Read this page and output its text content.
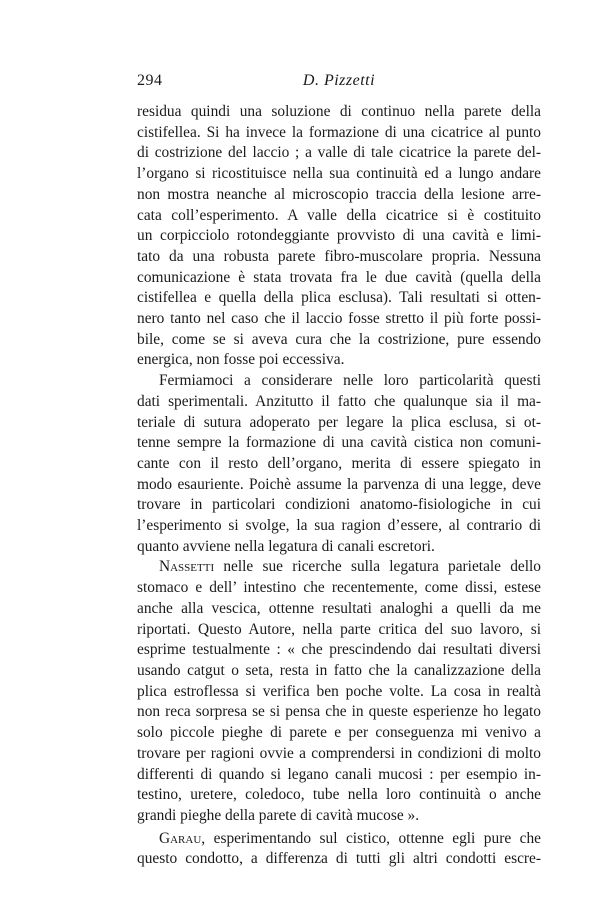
294	D. Pizzetti
residua quindi una soluzione di continuo nella parete della
cistifellea. Si ha invece la formazione di una cicatrice al punto
di costrizione del laccio ; a valle di tale cicatrice la parete del-
l’organo si ricostituisce nella sua continuità ed a lungo andare
non mostra neanche al microscopio traccia della lesione arre-
cata coll’esperimento. A valle della cicatrice si è costituito
un corpicciolo rotondeggiante provvisto di una cavità e limi-
tato da una robusta parete fibro-muscolare propria. Nessuna
comunicazione è stata trovata fra le due cavità (quella della
cistifellea e quella della plica esclusa). Tali resultati si otten-
nero tanto nel caso che il laccio fosse stretto il più forte possi-
bile, come se si aveva cura che la costrizione, pure essendo
energica, non fosse poi eccessiva.
Fermiamoci a considerare nelle loro particolarità questi
dati sperimentali. Anzitutto il fatto che qualunque sia il ma-
teriale di sutura adoperato per legare la plica esclusa, si ot-
tenne sempre la formazione di una cavità cistica non comuni-
cante con il resto dell’organo, merita di essere spiegato in
modo esauriente. Poichè assume la parvenza di una legge, deve
trovare in particolari condizioni anatomo-fisiologiche in cui
l’esperimento si svolge, la sua ragion d’essere, al contrario di
quanto avviene nella legatura di canali escretori.
Nassetti nelle sue ricerche sulla legatura parietale dello
stomaco e dell’ intestino che recentemente, come dissi, estese
anche alla vescica, ottenne resultati analoghi a quelli da me
riportati. Questo Autore, nella parte critica del suo lavoro, si
esprime testualmente : « che prescindendo dai resultati diversi
usando catgut o seta, resta in fatto che la canalizzazione della
plica estroflessa si verifica ben poche volte. La cosa in realtà
non reca sorpresa se si pensa che in queste esperienze ho legato
solo piccole pieghe di parete e per conseguenza mi venivo a
trovare per ragioni ovvie a comprendersi in condizioni di molto
differenti di quando si legano canali mucosi : per esempio in-
testino, uretere, coledoco, tube nella loro continuità o anche
grandi pieghe della parete di cavità mucose ».
Garau, esperimentando sul cistico, ottenne egli pure che
questo condotto, a differenza di tutti gli altri condotti escre-
